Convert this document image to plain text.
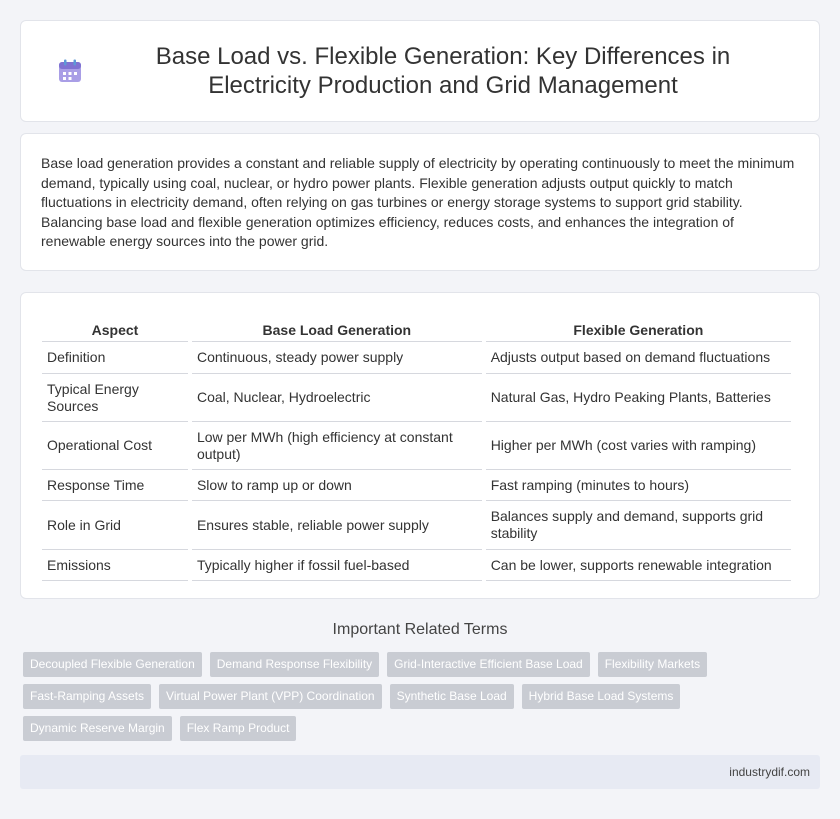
Base Load vs. Flexible Generation: Key Differences in Electricity Production and Grid Management

Base load generation provides a constant and reliable supply of electricity by operating continuously to meet the minimum demand, typically using coal, nuclear, or hydro power plants. Flexible generation adjusts output quickly to match fluctuations in electricity demand, often relying on gas turbines or energy storage systems to support grid stability. Balancing base load and flexible generation optimizes efficiency, reduces costs, and enhances the integration of renewable energy sources into the power grid.

Aspect	Base Load Generation	Flexible Generation
Definition	Continuous, steady power supply	Adjusts output based on demand fluctuations
Typical Energy Sources	Coal, Nuclear, Hydroelectric	Natural Gas, Hydro Peaking Plants, Batteries
Operational Cost	Low per MWh (high efficiency at constant output)	Higher per MWh (cost varies with ramping)
Response Time	Slow to ramp up or down	Fast ramping (minutes to hours)
Role in Grid	Ensures stable, reliable power supply	Balances supply and demand, supports grid stability
Emissions	Typically higher if fossil fuel-based	Can be lower, supports renewable integration
Important Related Terms
Decoupled Flexible Generation	Demand Response Flexibility	Grid-Interactive Efficient Base Load	Flexibility Markets
Fast-Ramping Assets	Virtual Power Plant (VPP) Coordination	Synthetic Base Load	Hybrid Base Load Systems
Dynamic Reserve Margin	Flex Ramp Product
industrydif.com
